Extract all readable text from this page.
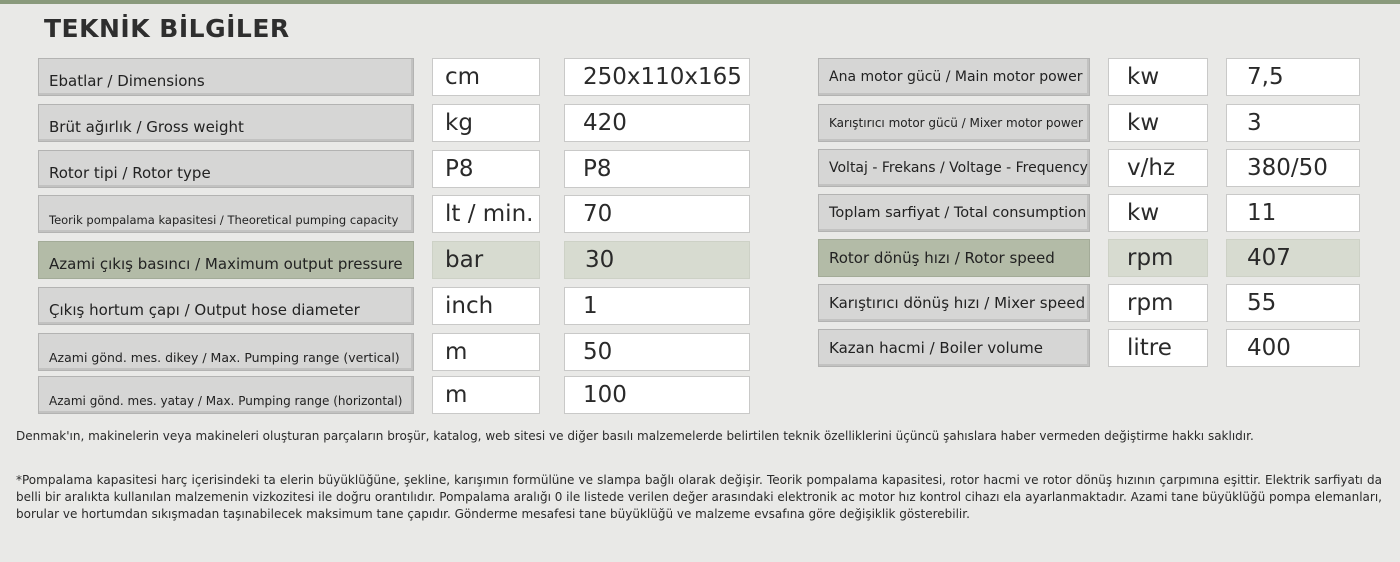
TEKNİK BİLGİLER
Ebatlar / Dimensions	cm	250x110x165
Brüt ağırlık / Gross weight	kg	420
Rotor tipi / Rotor type	P8	P8
Teorik pompalama kapasitesi / Theoretical pumping capacity	lt / min.	70
Azami çıkış basıncı / Maximum output pressure	bar	30
Çıkış hortum çapı / Output hose diameter	inch	1
Azami gönd. mes. dikey / Max. Pumping range (vertical)	m	50
Azami gönd. mes. yatay / Max. Pumping range (horizontal)	m	100
Ana motor gücü / Main motor power	kw	7,5
Karıştırıcı motor gücü / Mixer motor power	kw	3
Voltaj - Frekans / Voltage - Frequency	v/hz	380/50
Toplam sarfiyat / Total consumption	kw	11
Rotor dönüş hızı / Rotor speed	rpm	407
Karıştırıcı dönüş hızı / Mixer speed	rpm	55
Kazan hacmi / Boiler volume	litre	400
Denmak'ın, makinelerin veya makineleri oluşturan parçaların broşür, katalog, web sitesi ve diğer basılı malzemelerde belirtilen teknik özelliklerini üçüncü şahıslara haber vermeden değiştirme hakkı saklıdır.
*Pompalama kapasitesi harç içerisindeki ta elerin büyüklüğüne, şekline, karışımın formülüne ve slampa bağlı olarak değişir. Teorik pompalama kapasitesi, rotor hacmi ve rotor dönüş hızının çarpımına eşittir. Elektrik sarfiyatı da belli bir aralıkta kullanılan malzemenin vizkozitesi ile doğru orantılıdır. Pompalama aralığı 0 ile listede verilen değer arasındaki elektronik ac motor hız kontrol cihazı ela ayarlanmaktadır. Azami tane büyüklüğü pompa elemanları, borular ve hortumdan sıkışmadan taşınabilecek maksimum tane çapıdır. Gönderme mesafesi tane büyüklüğü ve malzeme evsafına göre değişiklik gösterebilir.
